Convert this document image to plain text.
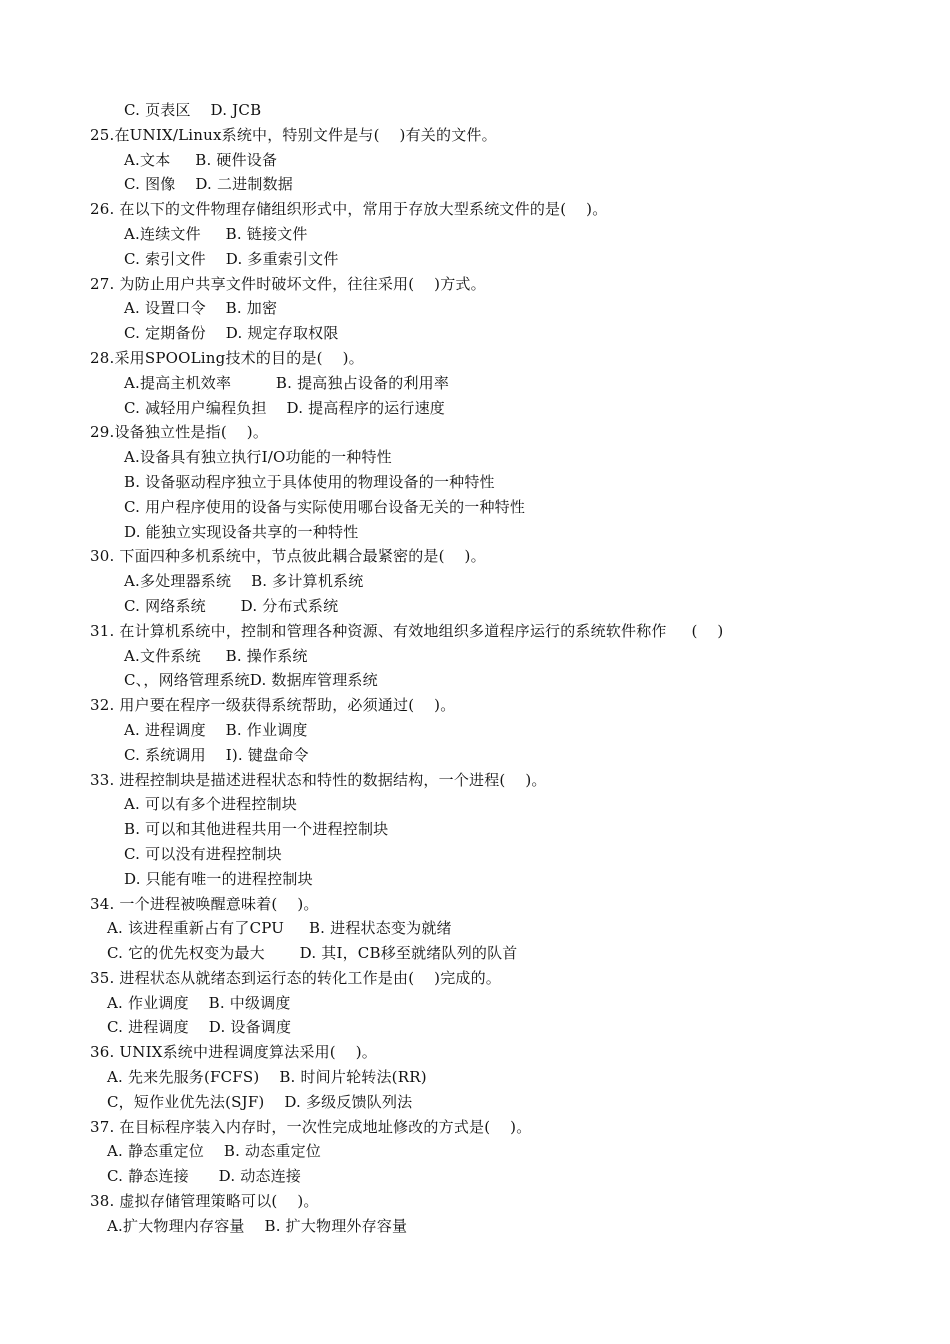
C. 页表区    D. JCB
25.在UNIX/Linux系统中，特别文件是与(    )有关的文件。
A.文本     B. 硬件设备
C. 图像    D. 二进制数据
26. 在以下的文件物理存储组织形式中，常用于存放大型系统文件的是(    )。
A.连续文件     B. 链接文件
C. 索引文件    D. 多重索引文件
27. 为防止用户共享文件时破坏文件，往往采用(    )方式。
A. 设置口令    B. 加密
C. 定期备份    D. 规定存取权限
28.采用SPOOLing技术的目的是(    )。
A.提高主机效率         B. 提高独占设备的利用率
C. 减轻用户编程负担    D. 提高程序的运行速度
29.设备独立性是指(    )。
A.设备具有独立执行I/O功能的一种特性
B. 设备驱动程序独立于具体使用的物理设备的一种特性
C. 用户程序使用的设备与实际使用哪台设备无关的一种特性
D. 能独立实现设备共享的一种特性
30. 下面四种多机系统中，节点彼此耦合最紧密的是(    )。
A.多处理器系统    B. 多计算机系统
C. 网络系统       D. 分布式系统
31. 在计算机系统中，控制和管理各种资源、有效地组织多道程序运行的系统软件称作     (    )
A.文件系统     B. 操作系统
C、，网络管理系统D. 数据库管理系统
32. 用户要在程序一级获得系统帮助，必须通过(    )。
A. 进程调度    B. 作业调度
C. 系统调用    I). 键盘命令
33. 进程控制块是描述进程状态和特性的数据结构，一个进程(    )。
A. 可以有多个进程控制块
B. 可以和其他进程共用一个进程控制块
C. 可以没有进程控制块
D. 只能有唯一的进程控制块
34. 一个进程被唤醒意味着(    )。
A. 该进程重新占有了CPU     B. 进程状态变为就绪
C. 它的优先权变为最大       D. 其I，CB移至就绪队列的队首
35. 进程状态从就绪态到运行态的转化工作是由(    )完成的。
A. 作业调度    B. 中级调度
C. 进程调度    D. 设备调度
36. UNIX系统中进程调度算法采用(    )。
A. 先来先服务(FCFS)    B. 时间片轮转法(RR)
C，短作业优先法(SJF)    D. 多级反馈队列法
37. 在目标程序装入内存时，一次性完成地址修改的方式是(    )。
A. 静态重定位    B. 动态重定位
C. 静态连接      D. 动态连接
38. 虚拟存储管理策略可以(    )。
A.扩大物理内存容量    B. 扩大物理外存容量
